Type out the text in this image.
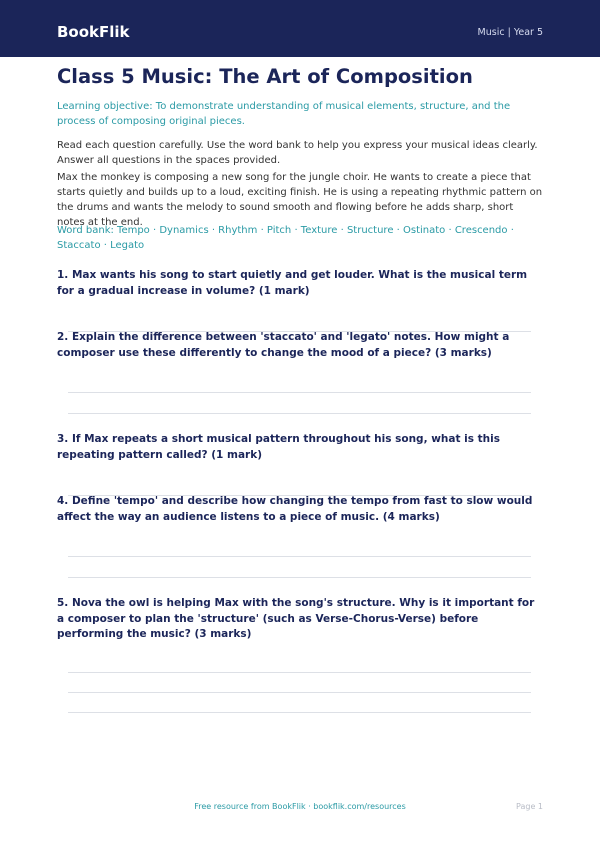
BookFlik	Music | Year 5
Class 5 Music: The Art of Composition

Learning objective: To demonstrate understanding of musical elements, structure, and the process of composing original pieces.

Read each question carefully. Use the word bank to help you express your musical ideas clearly. Answer all questions in the spaces provided.

Max the monkey is composing a new song for the jungle choir. He wants to create a piece that starts quietly and builds up to a loud, exciting finish. He is using a repeating rhythmic pattern on the drums and wants the melody to sound smooth and flowing before he adds sharp, short notes at the end.

Word bank: Tempo · Dynamics · Rhythm · Pitch · Texture · Structure · Ostinato · Crescendo · Staccato · Legato

1. Max wants his song to start quietly and get louder. What is the musical term for a gradual increase in volume? (1 mark)

2. Explain the difference between 'staccato' and 'legato' notes. How might a composer use these differently to change the mood of a piece? (3 marks)

3. If Max repeats a short musical pattern throughout his song, what is this repeating pattern called? (1 mark)

4. Define 'tempo' and describe how changing the tempo from fast to slow would affect the way an audience listens to a piece of music. (4 marks)

5. Nova the owl is helping Max with the song's structure. Why is it important for a composer to plan the 'structure' (such as Verse-Chorus-Verse) before performing the music? (3 marks)

Free resource from BookFlik · bookflik.com/resources	Page 1
